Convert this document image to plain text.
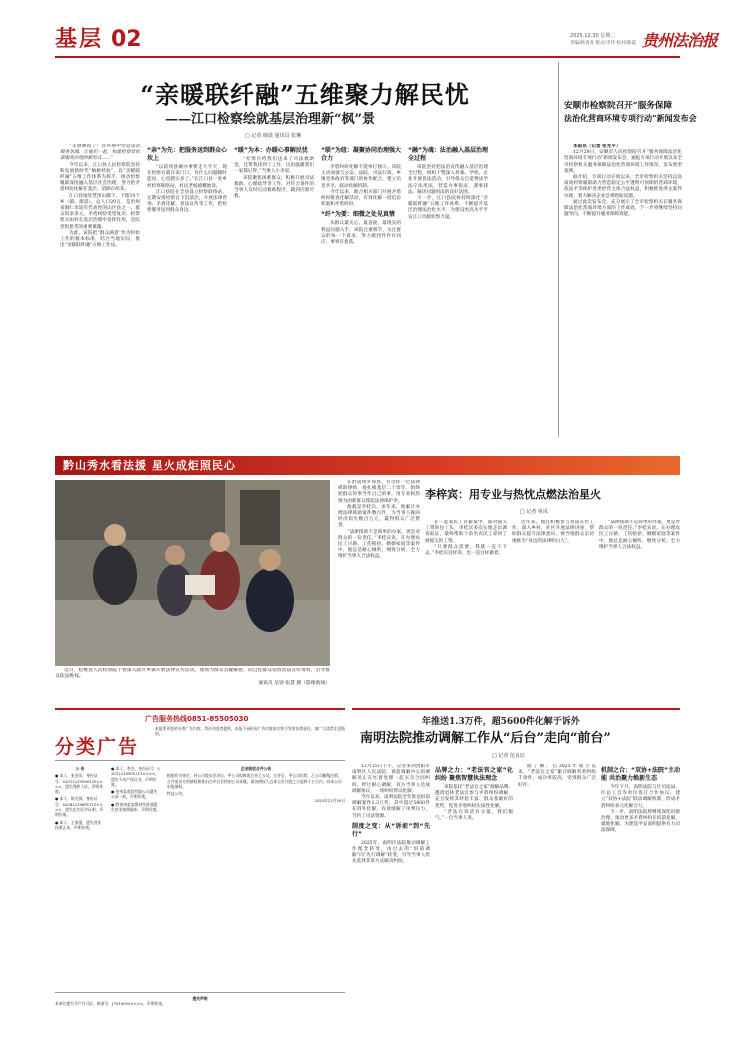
基层 02	2025.12.30 星期二
责编/杨青青 版式/李伟 校对/陈霞 贵州法治报
“亲暖联纤融”五维聚力解民忧
——江口检察绘就基层治理新“枫”景
□ 记者 杨琰 通讯员 张琳

“无感维权了！在环境中营造法治服务氛围，让他们一起，构建检察官依靠服务治理的新形式……”

今年以来，江口县人民检察院坚持和发展新时代“枫桥经验”，以“亲暖联纤融”五维工作体系为抓手，推动检察履职深度融入基层社会治理，努力把矛盾纠纷化解在基层、消除在萌芽。

江口县地处梵净山脚下，下辖10个乡（镇、街道），总人口20万，是贵州省铜仁市较有代表性的山区县之一。群众诉求多元，矛盾纠纷类型复杂，检察机关如何在基层治理中发挥作用，是院党组思考的重要课题。

为此，该院把“群众满意”作为检验工作的根本标准，结合当地实际，推出“亲暖联纤融”五维工作法。

“亲”为先：把服务送到群众心坎上

“以前到县城办事要走大半天，现在检察官就在家门口，有什么问题随时能问，心里踏实多了。”在江口县一处乡村检察联络站，村民老杨感慨地说。

江口县院在全县设立检察联络站，定期安排检察官下沉基层，开展法律咨询、矛盾化解、普法宣传等工作，把检察服务送到群众身边。

“暖”为本：办暖心事解民忧

“检察官给我们送来了司法救助金，还帮我找到了工作，这份温暖我们一家都记得。”当事人小李说。

该院聚焦困难群众，积极开展司法救助、心理疏导等工作，对符合条件的当事人及时启动救助程序，做到应救尽救。

“联”为纽：凝聚协同治理强大合力

矛盾纠纷化解不能单打独斗。该院主动加强与公安、法院、司法行政、乡镇党委政府等部门的协作配合，建立信息共享、联动化解机制。

今年以来，联合相关部门开展矛盾纠纷排查化解活动，有效化解一批信访积案和矛盾纠纷。

“纤”为要：细微之处见真情

从群众最关心、最直接、最现实的利益问题入手，该院注重细节，关注群众的每一个诉求，努力做到件件有回应、事事有着落。

“融”为魂：法治融入基层治理全过程

该院坚持把法治宣传融入基层治理全过程，组织干警深入村寨、学校、企业开展普法活动，引导群众自觉尊法学法守法用法，营造办事依法、遇事找法、解决问题用法的良好氛围。

下一步，江口县院将持续深化“亲暖联纤融”五维工作体系，不断提升基层治理法治化水平，为建设更高水平平安江口贡献检察力量。

安顺市检察院召开“服务保障
法治化营商环境专项行动”新闻发布会

本报讯（记者 张光平）

12月29日，安顺市人民检察院召开“服务保障法治化营商环境专项行动”新闻发布会，通报专项行动开展以来全市检察机关服务保障法治化营商环境工作情况，发布典型案例。

据介绍，专项行动开展以来，全市检察机关坚持以高质效检察履职助力营造稳定公平透明可预期的营商环境，依法平等保护各类经营主体合法权益，积极推进涉企案件办理，着力解决企业急难愁盼问题。

通过此次发布会，充分展示了全市检察机关在服务保障法治化营商环境方面的工作成效，下一步将继续坚持问题导向，不断提升服务保障效能。

黔山秀水看法援 星火成炬照民心

近日，松桃县人民检察院干警深入辖区乡镇开展法律宣传活动，现场为群众答疑解惑，向过往群众发放普法宣传资料，引导群众依法维权。

通讯员 吴钞 张慧 摄（影像新闻）

在黔南州罗甸县，有这样一位法律援助律师，他扎根基层二十余年，始终把群众的事当作自己的事，用专业和热情为困难群众撑起法律保护伞。

他就是李桂宾。多年来，他累计办理法律援助案件数百件，为当事人挽回经济损失数百万元，赢得群众广泛赞誉。

“法律援助不是简单的办案，更是对群众的一份责任。”李桂宾说。在办理农民工讨薪、工伤赔偿、婚姻家庭等案件中，他总是耐心倾听、细致分析，全力维护当事人合法权益。

李梓宾：用专业与热忱点燃法治星火
□ 记者 单凤

在一起农民工讨薪案中，面对拖欠工资的包工头，李桂宾多次实地走访调查取证，最终帮助十余名农民工拿回了被拖欠的工资。

“只要群众需要，我就一直干下去。”李桂宾这样说，也一直这样做着。

近年来，他还积极参与普法宣传工作，深入乡村、社区开展法律讲座，帮助群众提升法律意识，被当地群众亲切地称为“身边的法律明白人”。

“法律援助不是简单的办案，更是对群众的一份责任。”李桂宾说。在办理农民工讨薪、工伤赔偿、婚姻家庭等案件中，他总是耐心倾听、细致分析，全力维护当事人合法权益。

广告服务热线0851-85505030
分类广告

本报所刊登的分类广告内容，均由刊登者提供，本报不承担因广告内容真实性引发的法律责任，请广大读者注意甄别。

公 告

● 本人：张金凤，身份证号：52012219560120××××，遗失残疾人证，声明作废。

● 本人：陈先锋，身份证号：52042219681115××××，遗失出生医学证明，声明作废。

● 本人：王家强，遗失营业执照正本，声明作废。

● 本人：李杰，身份证号：52012219901213××××，遗失不动产权证书，声明作废。

● 贵州某商贸有限公司遗失公章一枚，声明作废。

● 黔南州某某建材经营部遗失营业执照副本，声明作废。

企业吸收合并公告

根据有关规定，经公司股东会决议，甲公司拟吸收合并乙公司。合并后，甲公司存续，乙公司解散注销。合并前各方的债权债务由合并后存续的公司承继。请各债权人自本公告刊登之日起四十五日内，向本公司申报债权。

特此公告。

2025年12月30日

遗失声明

本单位遗失开户许可证，核准号：J7010000××××，声明作废。

年推送1.3万件，超5600件化解于诉外
南明法院推动调解工作从“后台”走向“前台”
□ 记者 范良辰

12月25日下午，记者来到贵阳市南明区人民法院，诉前调解中心的调解员正在忙着处理一起买卖合同纠纷。经过耐心调解，双方当事人达成调解协议，一场纠纷得以化解。

今年以来，南明法院全年推送诉前调解案件1.3万件，其中超过5600件在诉外化解，有效缓解了审判压力，节约了司法资源。

制度之变：从“诉前”到“先行”

2025年，南明区法院推动调解工作理念转变，由过去的“诉前调解”向“先行调解”转变，引导当事人优先选择非诉方式解决纠纷。

品牌之力：“老法官之家”化纠纷 聚焦智慧执法理念

该院依托“老法官之家”调解品牌，邀请退休老法官参与矛盾纠纷调解，充分发挥其经验丰富、群众基础好的优势，促进矛盾纠纷实质性化解。

“老法官说话有分量，我们服气。”一位当事人说。

据了解，自2025年成立以来，“老法官之家”累计调解各类纠纷千余件，成功率较高，受到群众广泛好评。

机制之合：“双协+法院”主动能 共治聚力焕新生态

今年下月，南明法院与区司法局、区总工会等单位签订合作协议，建立“双协+法院”联动调解机制，形成矛盾纠纷多元化解合力。

下一步，南明法院将继续深化诉源治理，推动更多矛盾纠纷在诉前化解、就地化解，为建设平安南明提供有力司法保障。
